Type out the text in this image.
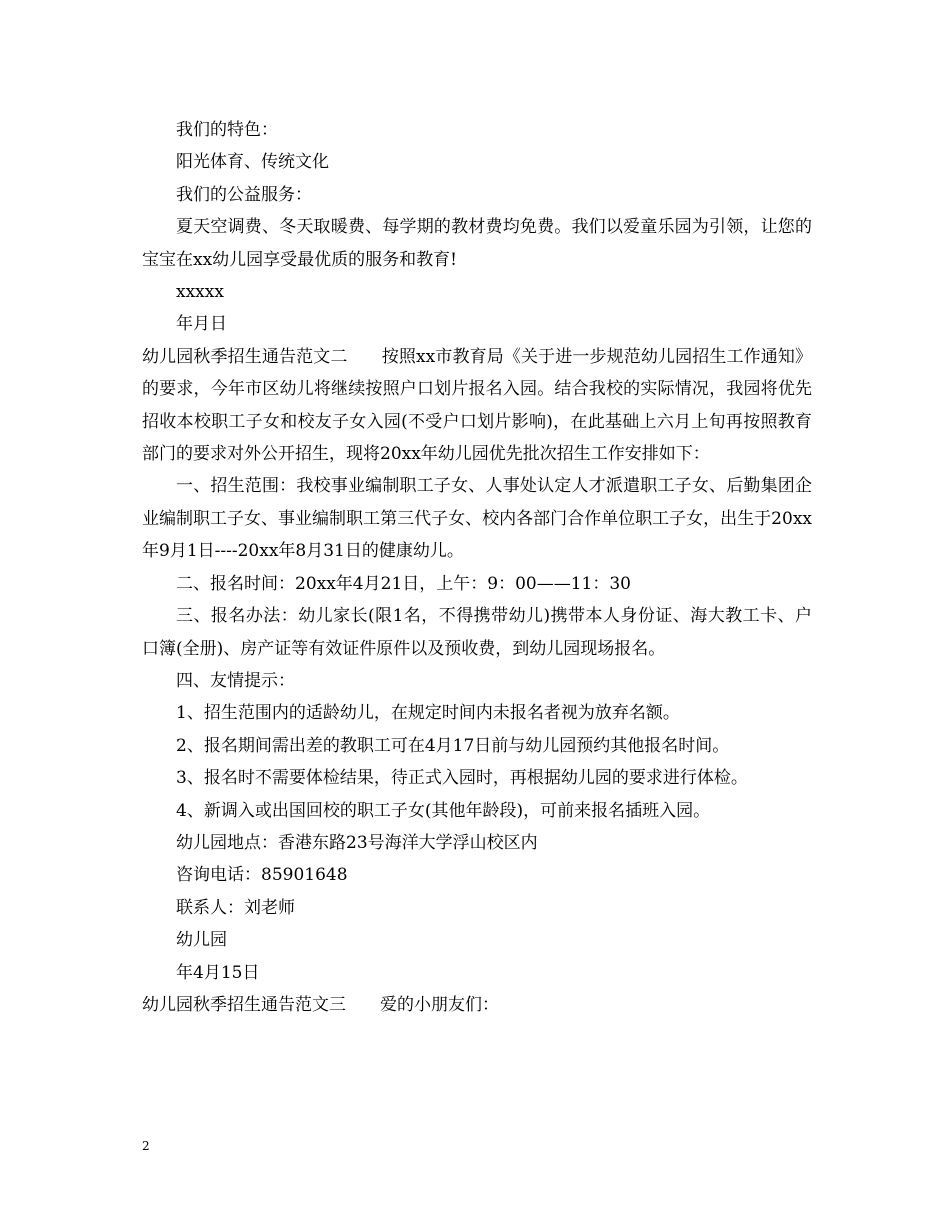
我们的特色：

阳光体育、传统文化

我们的公益服务：

夏天空调费、冬天取暖费、每学期的教材费均免费。我们以爱童乐园为引领，让您的宝宝在xx幼儿园享受最优质的服务和教育!

xxxxx

年月日

幼儿园秋季招生通告范文二　　按照xx市教育局《关于进一步规范幼儿园招生工作通知》的要求，今年市区幼儿将继续按照户口划片报名入园。结合我校的实际情况，我园将优先招收本校职工子女和校友子女入园(不受户口划片影响)，在此基础上六月上旬再按照教育部门的要求对外公开招生，现将20xx年幼儿园优先批次招生工作安排如下：

一、招生范围：我校事业编制职工子女、人事处认定人才派遣职工子女、后勤集团企业编制职工子女、事业编制职工第三代子女、校内各部门合作单位职工子女，出生于20xx年9月1日----20xx年8月31日的健康幼儿。

二、报名时间：20xx年4月21日，上午：9：00——11：30

三、报名办法：幼儿家长(限1名，不得携带幼儿)携带本人身份证、海大教工卡、户口簿(全册)、房产证等有效证件原件以及预收费，到幼儿园现场报名。

四、友情提示：

1、招生范围内的适龄幼儿，在规定时间内未报名者视为放弃名额。

2、报名期间需出差的教职工可在4月17日前与幼儿园预约其他报名时间。

3、报名时不需要体检结果，待正式入园时，再根据幼儿园的要求进行体检。

4、新调入或出国回校的职工子女(其他年龄段)，可前来报名插班入园。

幼儿园地点：香港东路23号海洋大学浮山校区内

咨询电话：85901648

联系人：刘老师

幼儿园

年4月15日

幼儿园秋季招生通告范文三　　爱的小朋友们：

2
